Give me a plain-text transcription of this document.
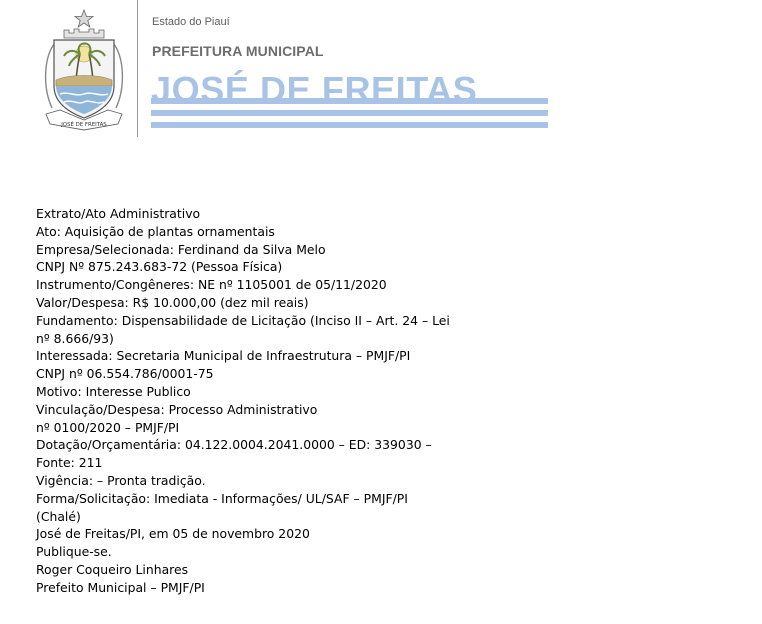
JOSÉ DE FREITAS
Estado do Piauí
PREFEITURA MUNICIPAL
JOSÉ DE FREITAS
Extrato/Ato Administrativo
Ato: Aquisição de plantas ornamentais
Empresa/Selecionada: Ferdinand da Silva Melo
CNPJ Nº 875.243.683-72 (Pessoa Física)
Instrumento/Congêneres: NE nº 1105001 de 05/11/2020
Valor/Despesa: R$ 10.000,00 (dez mil reais)
Fundamento: Dispensabilidade de Licitação (Inciso II – Art. 24 – Lei
nº 8.666/93)
Interessada: Secretaria Municipal de Infraestrutura – PMJF/PI
CNPJ nº 06.554.786/0001-75
Motivo: Interesse Publico
Vinculação/Despesa: Processo Administrativo
nº 0100/2020 – PMJF/PI
Dotação/Orçamentária: 04.122.0004.2041.0000 – ED: 339030 –
Fonte: 211
Vigência: – Pronta tradição.
Forma/Solicitação: Imediata - Informações/ UL/SAF – PMJF/PI
(Chalé)
José de Freitas/PI, em 05 de novembro 2020
Publique-se.
Roger Coqueiro Linhares
Prefeito Municipal – PMJF/PI
